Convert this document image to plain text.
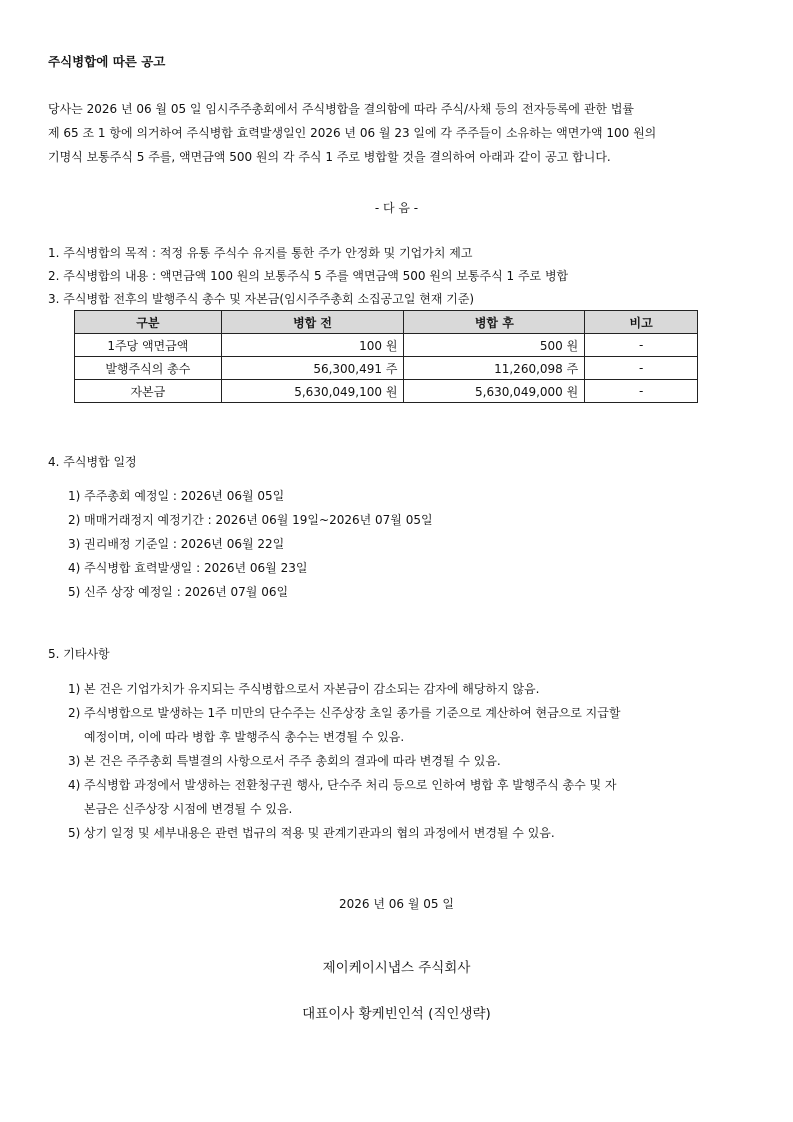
주식병합에 따른 공고

당사는 2026 년 06 월 05 일 임시주주총회에서 주식병합을 결의함에 따라 주식/사채 등의 전자등록에 관한 법률

제 65 조 1 항에 의거하여 주식병합 효력발생일인 2026 년 06 월 23 일에 각 주주들이 소유하는 액면가액 100 원의

기명식 보통주식 5 주를, 액면금액 500 원의 각 주식 1 주로 병합할 것을 결의하여 아래과 같이 공고 합니다.

- 다 음 -
1. 주식병합의 목적 : 적정 유통 주식수 유지를 통한 주가 안정화 및 기업가치 제고
2. 주식병합의 내용 : 액면금액 100 원의 보통주식 5 주를 액면금액 500 원의 보통주식 1 주로 병합
3. 주식병합 전후의 발행주식 총수 및 자본금(임시주주총회 소집공고일 현재 기준)
구분	병합 전	병합 후	비고
1주당 액면금액	100 원	500 원	-
발행주식의 총수	56,300,491 주	11,260,098 주	-
자본금	5,630,049,100 원	5,630,049,000 원	-
4. 주식병합 일정
1) 주주총회 예정일 : 2026년 06월 05일
2) 매매거래정지 예정기간 : 2026년 06월 19일~2026년 07월 05일
3) 권리배정 기준일 : 2026년 06월 22일
4) 주식병합 효력발생일 : 2026년 06월 23일
5) 신주 상장 예정일 : 2026년 07월 06일
5. 기타사항
1) 본 건은 기업가치가 유지되는 주식병합으로서 자본금이 감소되는 감자에 해당하지 않음.
2) 주식병합으로 발생하는 1주 미만의 단수주는 신주상장 초일 종가를 기준으로 계산하여 현금으로 지급할
예정이며, 이에 따라 병합 후 발행주식 총수는 변경될 수 있음.
3) 본 건은 주주총회 특별결의 사항으로서 주주 총회의 결과에 따라 변경될 수 있음.
4) 주식병합 과정에서 발생하는 전환청구권 행사, 단수주 처리 등으로 인하여 병합 후 발행주식 총수 및 자
본금은 신주상장 시점에 변경될 수 있음.
5) 상기 일정 및 세부내용은 관련 법규의 적용 및 관계기관과의 협의 과정에서 변경될 수 있음.
2026 년 06 월 05 일
제이케이시냅스 주식회사
대표이사 황케빈인석 (직인생략)
